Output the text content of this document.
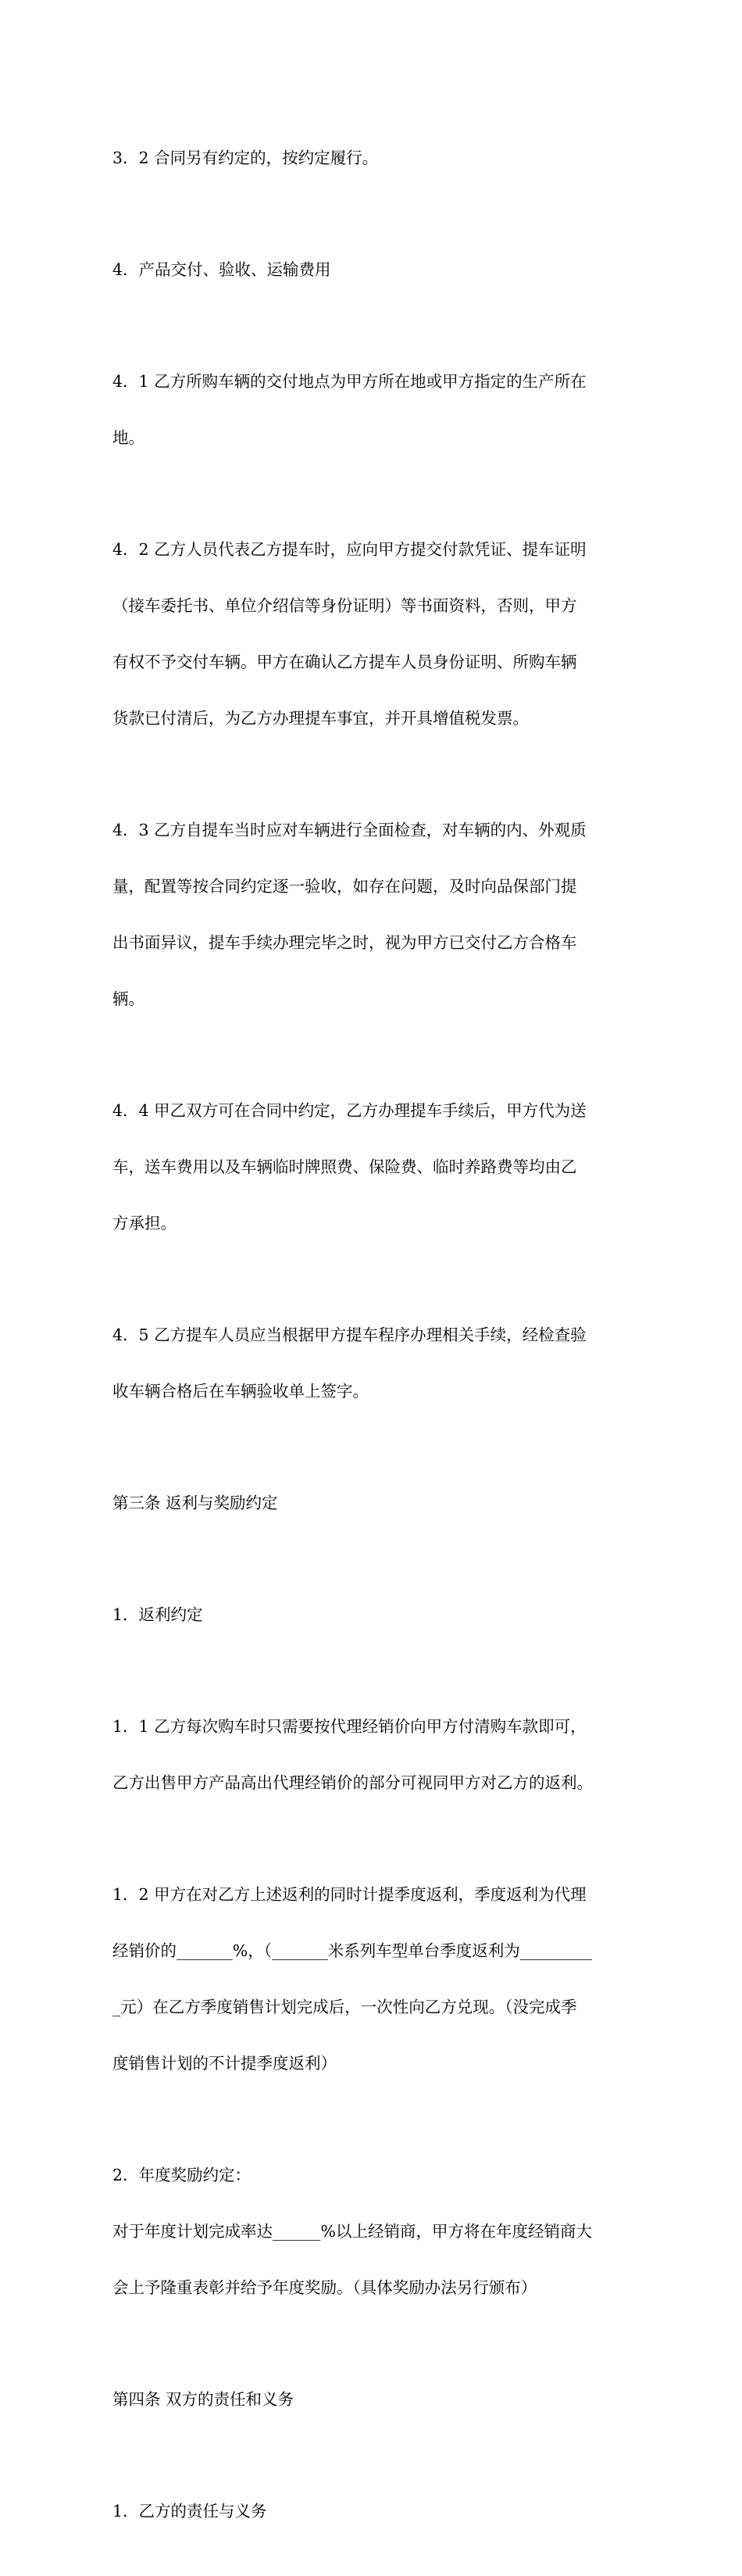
3．2 合同另有约定的，按约定履行。

4．产品交付、验收、运输费用

4．1 乙方所购车辆的交付地点为甲方所在地或甲方指定的生产所在

地。

4．2 乙方人员代表乙方提车时，应向甲方提交付款凭证、提车证明

（接车委托书、单位介绍信等身份证明）等书面资料，否则，甲方

有权不予交付车辆。甲方在确认乙方提车人员身份证明、所购车辆

货款已付清后，为乙方办理提车事宜，并开具增值税发票。

4．3 乙方自提车当时应对车辆进行全面检查，对车辆的内、外观质

量，配置等按合同约定逐一验收，如存在问题，及时向品保部门提

出书面异议，提车手续办理完毕之时，视为甲方已交付乙方合格车

辆。

4．4 甲乙双方可在合同中约定，乙方办理提车手续后，甲方代为送

车，送车费用以及车辆临时牌照费、保险费、临时养路费等均由乙

方承担。

4．5 乙方提车人员应当根据甲方提车程序办理相关手续，经检查验

收车辆合格后在车辆验收单上签字。

第三条 返利与奖励约定

1．返利约定

1．1 乙方每次购车时只需要按代理经销价向甲方付清购车款即可，

乙方出售甲方产品高出代理经销价的部分可视同甲方对乙方的返利。

1．2 甲方在对乙方上述返利的同时计提季度返利，季度返利为代理

经销价的_______%，（_______米系列车型单台季度返利为_________

_元）在乙方季度销售计划完成后，一次性向乙方兑现。（没完成季

度销售计划的不计提季度返利）

2．年度奖励约定：

对于年度计划完成率达______%以上经销商，甲方将在年度经销商大

会上予隆重表彰并给予年度奖励。（具体奖励办法另行颁布）

第四条 双方的责任和义务

1．乙方的责任与义务
